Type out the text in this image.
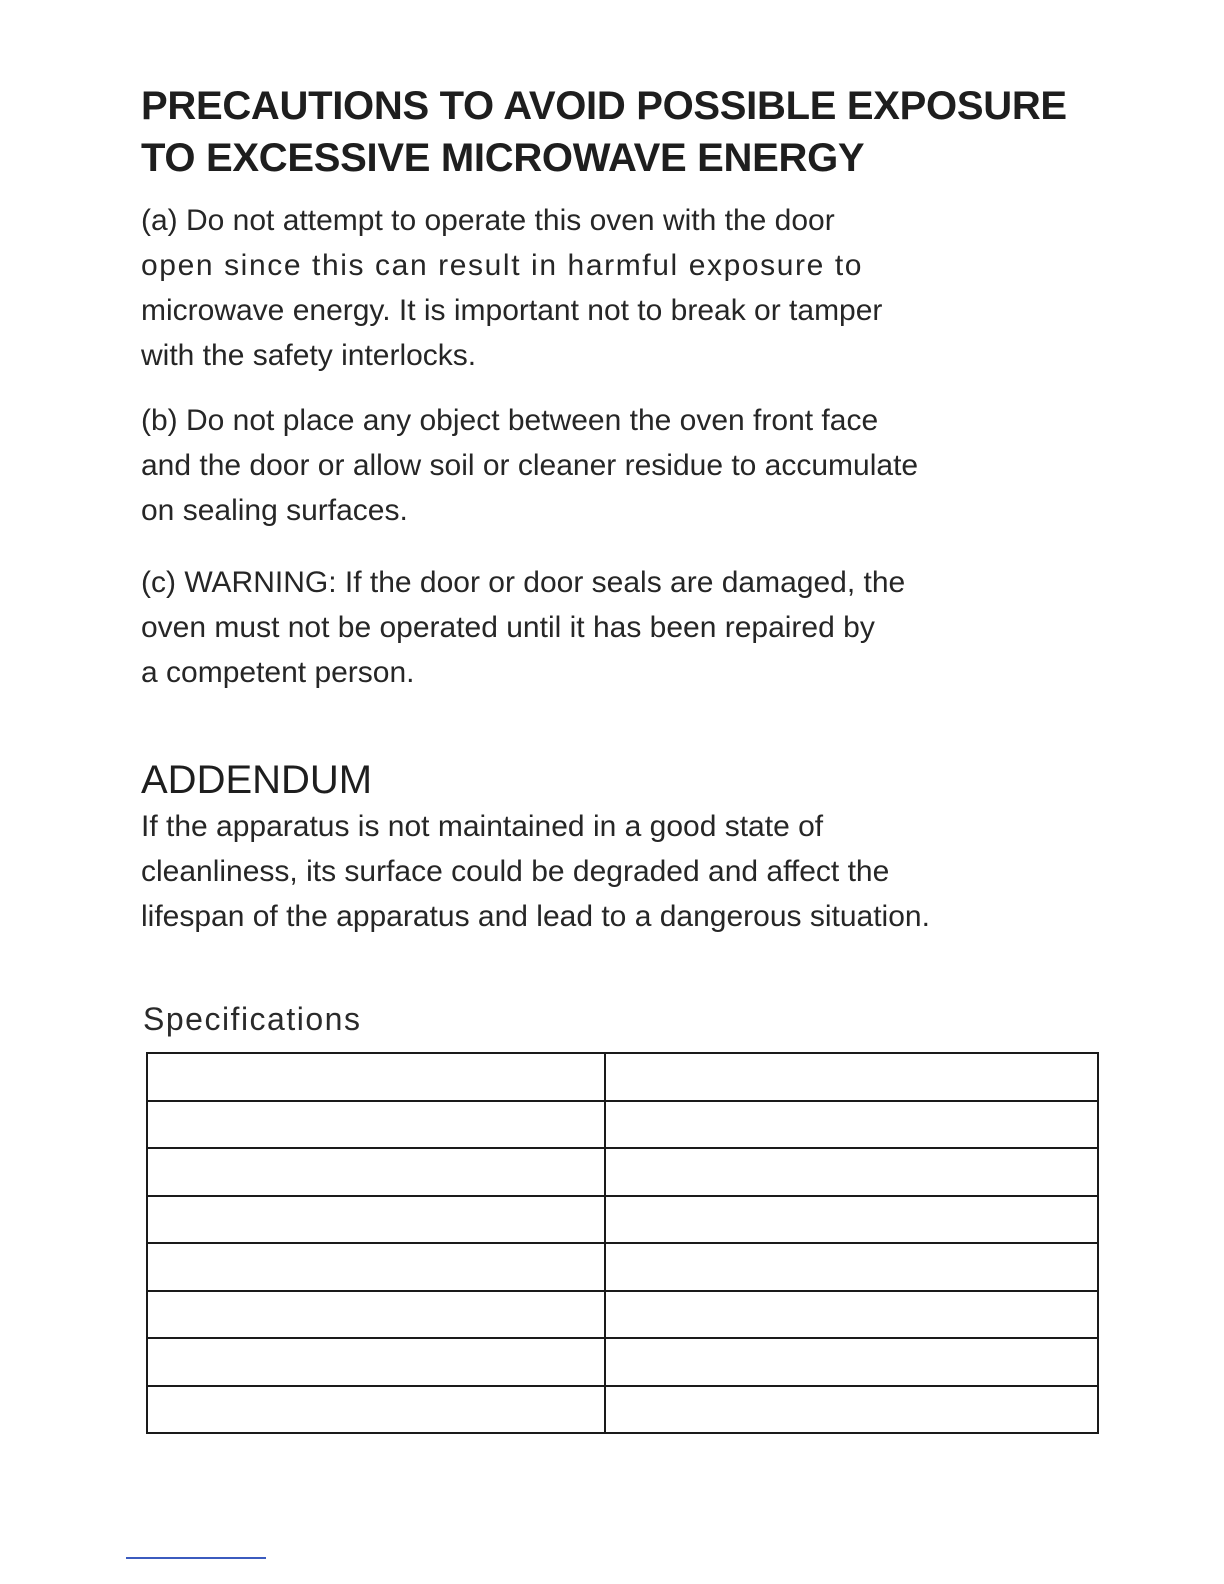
PRECAUTIONS TO AVOID POSSIBLE EXPOSURE
TO EXCESSIVE MICROWAVE ENERGY

(a) Do not attempt to operate this oven with the door
open since this can result in harmful exposure to
microwave energy. It is important not to break or tamper
with the safety interlocks.

(b) Do not place any object between the oven front face
and the door or allow soil or cleaner residue to accumulate
on sealing surfaces.

(c) WARNING: If the door or door seals are damaged, the
oven must not be operated until it has been repaired by
a competent person.

ADDENDUM

If the apparatus is not maintained in a good state of
cleanliness, its surface could be degraded and affect the
lifespan of the apparatus and lead to a dangerous situation.

Specifications
